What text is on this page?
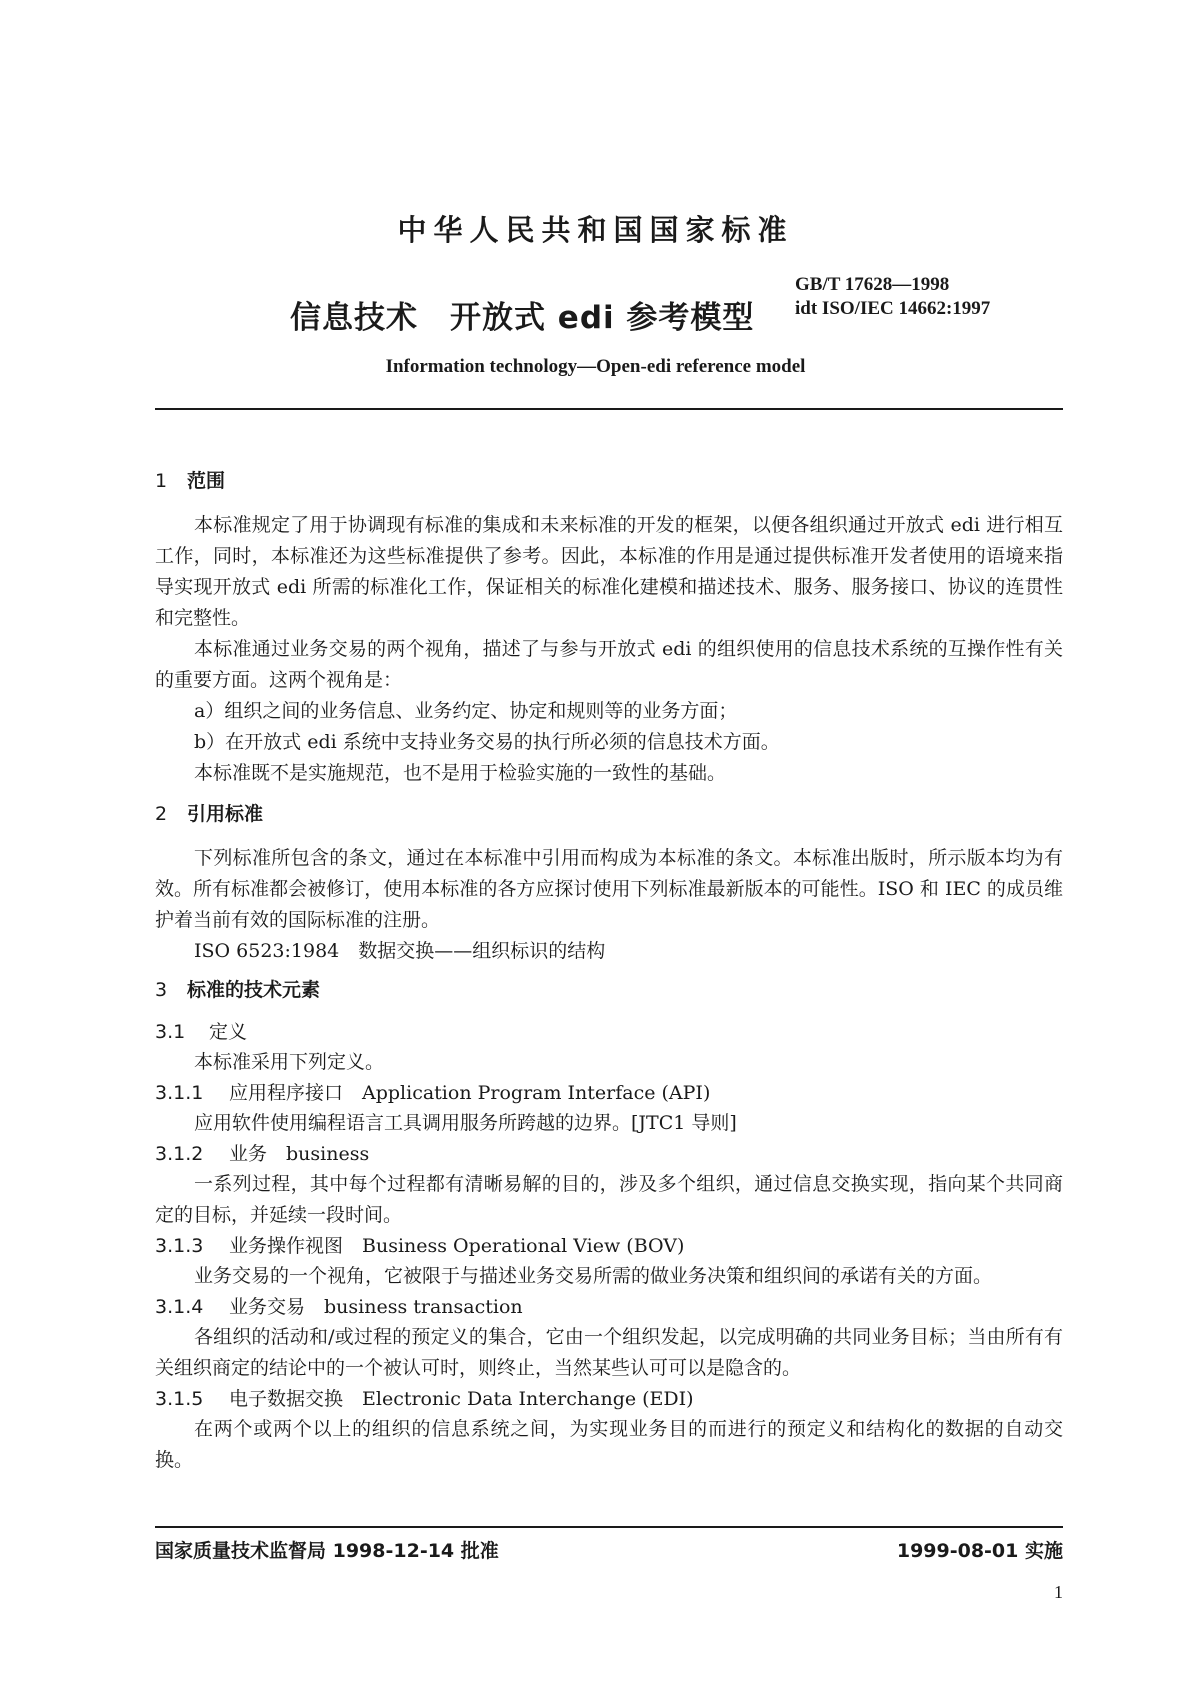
中华人民共和国国家标准
信息技术　开放式 edi 参考模型
GB/T 17628—1998
idt ISO/IEC 14662:1997
Information technology—Open-edi reference model
1 范围

本标准规定了用于协调现有标准的集成和未来标准的开发的框架，以便各组织通过开放式 edi 进行相互工作，同时，本标准还为这些标准提供了参考。因此，本标准的作用是通过提供标准开发者使用的语境来指导实现开放式 edi 所需的标准化工作，保证相关的标准化建模和描述技术、服务、服务接口、协议的连贯性和完整性。

本标准通过业务交易的两个视角，描述了与参与开放式 edi 的组织使用的信息技术系统的互操作性有关的重要方面。这两个视角是：

a）组织之间的业务信息、业务约定、协定和规则等的业务方面；

b）在开放式 edi 系统中支持业务交易的执行所必须的信息技术方面。

本标准既不是实施规范，也不是用于检验实施的一致性的基础。

2 引用标准

下列标准所包含的条文，通过在本标准中引用而构成为本标准的条文。本标准出版时，所示版本均为有效。所有标准都会被修订，使用本标准的各方应探讨使用下列标准最新版本的可能性。ISO 和 IEC 的成员维护着当前有效的国际标准的注册。

ISO 6523:1984　数据交换——组织标识的结构

3 标准的技术元素
3.1 定义

本标准采用下列定义。

3.1.1 应用程序接口　Application Program Interface (API)

应用软件使用编程语言工具调用服务所跨越的边界。[JTC1 导则]

3.1.2 业务　business

一系列过程，其中每个过程都有清晰易解的目的，涉及多个组织，通过信息交换实现，指向某个共同商定的目标，并延续一段时间。

3.1.3 业务操作视图　Business Operational View (BOV)

业务交易的一个视角，它被限于与描述业务交易所需的做业务决策和组织间的承诺有关的方面。

3.1.4 业务交易　business transaction

各组织的活动和/或过程的预定义的集合，它由一个组织发起，以完成明确的共同业务目标；当由所有有关组织商定的结论中的一个被认可时，则终止，当然某些认可可以是隐含的。

3.1.5 电子数据交换　Electronic Data Interchange (EDI)

在两个或两个以上的组织的信息系统之间，为实现业务目的而进行的预定义和结构化的数据的自动交换。

国家质量技术监督局 1998-12-14 批准	1999-08-01 实施
1
